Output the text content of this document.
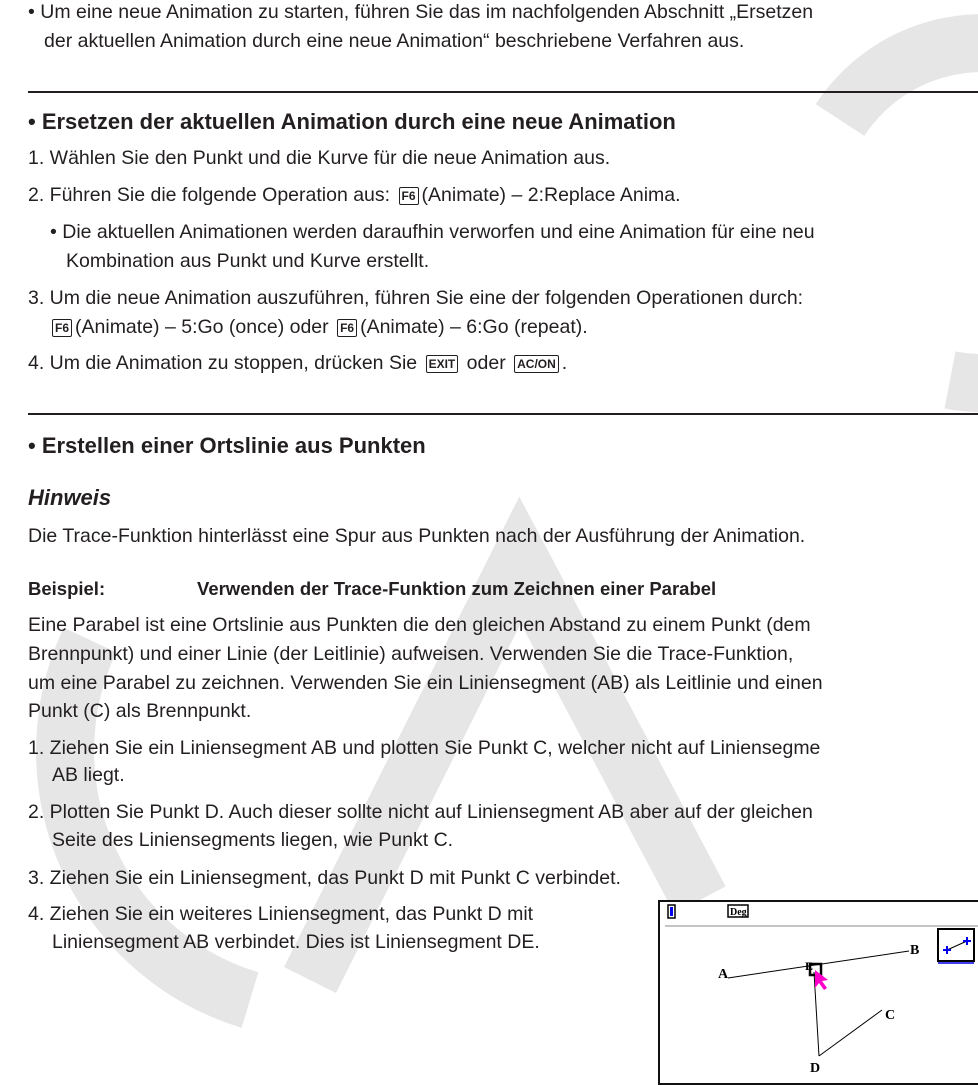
• Um eine neue Animation zu starten, führen Sie das im nachfolgenden Abschnitt „Ersetzen
der aktuellen Animation durch eine neue Animation“ beschriebene Verfahren aus.
• Ersetzen der aktuellen Animation durch eine neue Animation
1. Wählen Sie den Punkt und die Kurve für die neue Animation aus.
2. Führen Sie die folgende Operation aus: F6 (Animate) – 2:Replace Anima.
• Die aktuellen Animationen werden daraufhin verworfen und eine Animation für eine neu
Kombination aus Punkt und Kurve erstellt.
3. Um die neue Animation auszuführen, führen Sie eine der folgenden Operationen durch:
F6 (Animate) – 5:Go (once) oder F6 (Animate) – 6:Go (repeat).
4. Um die Animation zu stoppen, drücken Sie EXIT oder AC/ON .
• Erstellen einer Ortslinie aus Punkten
Hinweis
Die Trace-Funktion hinterlässt eine Spur aus Punkten nach der Ausführung der Animation.
Beispiel:	Verwenden der Trace-Funktion zum Zeichnen einer Parabel
Eine Parabel ist eine Ortslinie aus Punkten die den gleichen Abstand zu einem Punkt (dem
Brennpunkt) und einer Linie (der Leitlinie) aufweisen. Verwenden Sie die Trace-Funktion,
um eine Parabel zu zeichnen. Verwenden Sie ein Liniensegment (AB) als Leitlinie und einen
Punkt (C) als Brennpunkt.
1. Ziehen Sie ein Liniensegment AB und plotten Sie Punkt C, welcher nicht auf Liniensegme
AB liegt.
2. Plotten Sie Punkt D. Auch dieser sollte nicht auf Liniensegment AB aber auf der gleichen
Seite des Liniensegments liegen, wie Punkt C.
3. Ziehen Sie ein Liniensegment, das Punkt D mit Punkt C verbindet.
4. Ziehen Sie ein weiteres Liniensegment, das Punkt D mit
Liniensegment AB verbindet. Dies ist Liniensegment DE.
Deg
A
B
C
D
E
